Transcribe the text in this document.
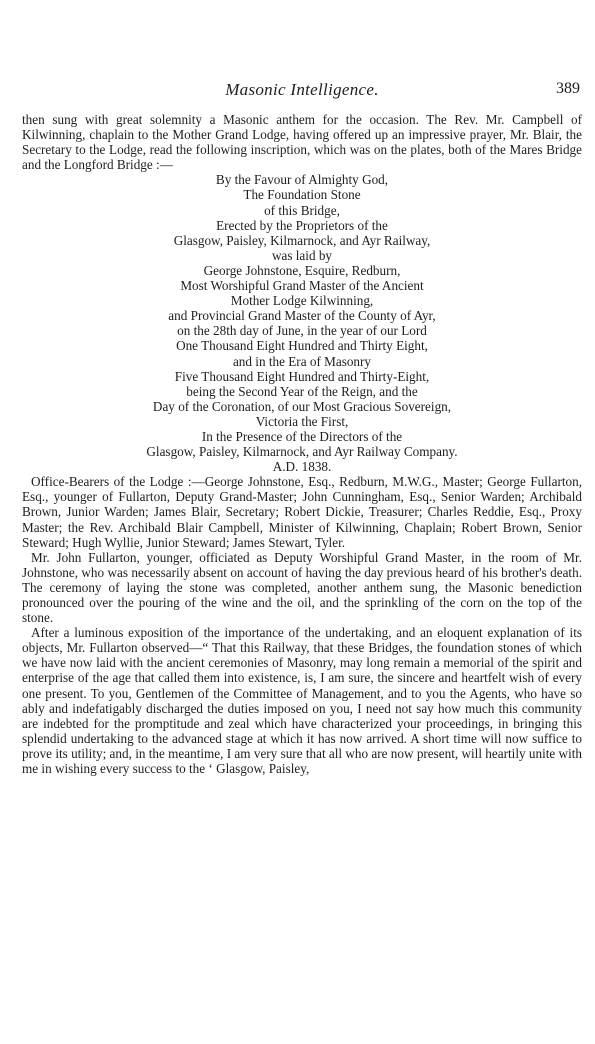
Masonic Intelligence.	389

then sung with great solemnity a Masonic anthem for the occasion. The Rev. Mr. Campbell of Kilwinning, chaplain to the Mother Grand Lodge, having offered up an impressive prayer, Mr. Blair, the Secretary to the Lodge, read the following inscription, which was on the plates, both of the Mares Bridge and the Longford Bridge :—

By the Favour of Almighty God,
The Foundation Stone
of this Bridge,
Erected by the Proprietors of the
Glasgow, Paisley, Kilmarnock, and Ayr Railway,
was laid by
George Johnstone, Esquire, Redburn,
Most Worshipful Grand Master of the Ancient
Mother Lodge Kilwinning,
and Provincial Grand Master of the County of Ayr,
on the 28th day of June, in the year of our Lord
One Thousand Eight Hundred and Thirty Eight,
and in the Era of Masonry
Five Thousand Eight Hundred and Thirty-Eight,
being the Second Year of the Reign, and the
Day of the Coronation, of our Most Gracious Sovereign,
Victoria the First,
In the Presence of the Directors of the
Glasgow, Paisley, Kilmarnock, and Ayr Railway Company.
A.D. 1838.

Office-Bearers of the Lodge :—George Johnstone, Esq., Redburn, M.W.G., Master; George Fullarton, Esq., younger of Fullarton, Deputy Grand-Master; John Cunningham, Esq., Senior Warden; Archibald Brown, Junior Warden; James Blair, Secretary; Robert Dickie, Treasurer; Charles Reddie, Esq., Proxy Master; the Rev. Archibald Blair Campbell, Minister of Kilwinning, Chaplain; Robert Brown, Senior Steward; Hugh Wyllie, Junior Steward; James Stewart, Tyler.

Mr. John Fullarton, younger, officiated as Deputy Worshipful Grand Master, in the room of Mr. Johnstone, who was necessarily absent on account of having the day previous heard of his brother's death. The ceremony of laying the stone was completed, another anthem sung, the Masonic benediction pronounced over the pouring of the wine and the oil, and the sprinkling of the corn on the top of the stone.

After a luminous exposition of the importance of the undertaking, and an eloquent explanation of its objects, Mr. Fullarton observed—“ That this Railway, that these Bridges, the foundation stones of which we have now laid with the ancient ceremonies of Masonry, may long remain a memorial of the spirit and enterprise of the age that called them into existence, is, I am sure, the sincere and heartfelt wish of every one present. To you, Gentlemen of the Committee of Management, and to you the Agents, who have so ably and indefatigably discharged the duties imposed on you, I need not say how much this community are indebted for the promptitude and zeal which have characterized your proceedings, in bringing this splendid undertaking to the advanced stage at which it has now arrived. A short time will now suffice to prove its utility; and, in the meantime, I am very sure that all who are now present, will heartily unite with me in wishing every success to the ‘ Glasgow, Paisley,
